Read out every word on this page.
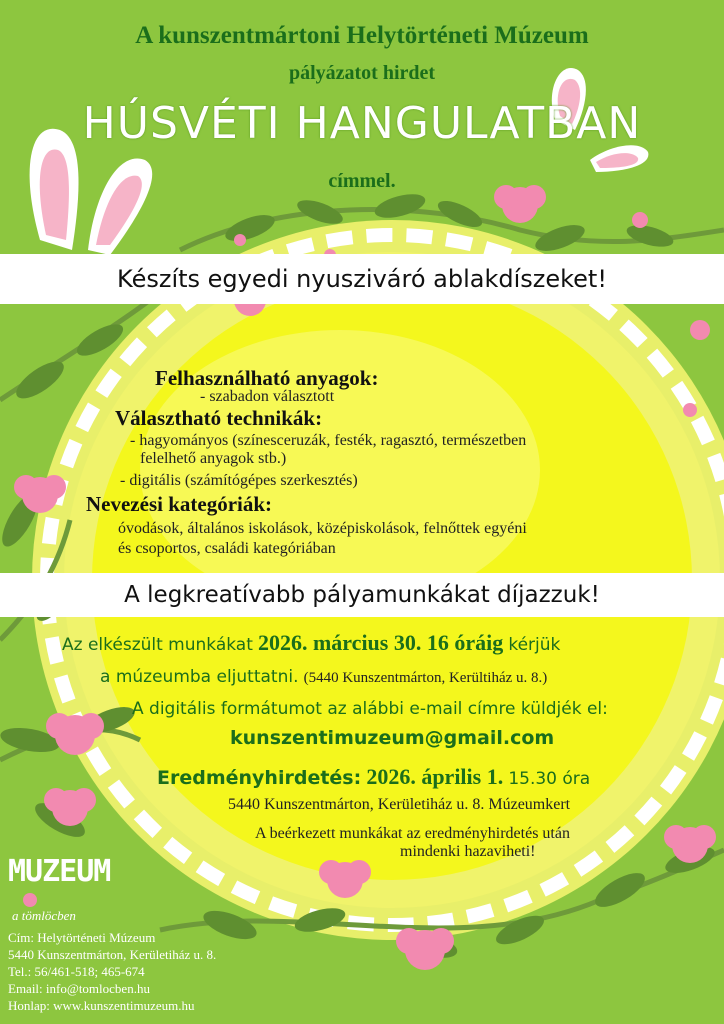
A kunszentmártoni Helytörténeti Múzeum
pályázatot hirdet
HÚSVÉTI HANGULATBAN
címmel.
Készíts egyedi nyusziváró ablakdíszeket!
Felhasználható anyagok:
- szabadon választott
Választható technikák:
- hagyományos (színesceruzák, festék, ragasztó, természetben
felelhető anyagok stb.)
- digitális (számítógépes szerkesztés)
Nevezési kategóriák:
óvodások, általános iskolások, középiskolások, felnőttek egyéni
és csoportos, családi kategóriában
A legkreatívabb pályamunkákat díjazzuk!
Az elkészült munkákat 2026. március 30. 16 óráig kérjük
a múzeumba eljuttatni. (5440 Kunszentmárton, Kerültiház u. 8.)
A digitális formátumot az alábbi e-mail címre küldjék el:
kunszentimuzeum@gmail.com
Eredményhirdetés: 2026. április 1. 15.30 óra
5440 Kunszentmárton, Kerületiház u. 8. Múzeumkert
A beérkezett munkákat az eredményhirdetés után
mindenki hazaviheti!
MUZEUM
a tömlöcben
Cím: Helytörténeti Múzeum
5440 Kunszentmárton, Kerületiház u. 8.
Tel.: 56/461-518; 465-674
Email: info@tomlocben.hu
Honlap: www.kunszentimuzeum.hu
